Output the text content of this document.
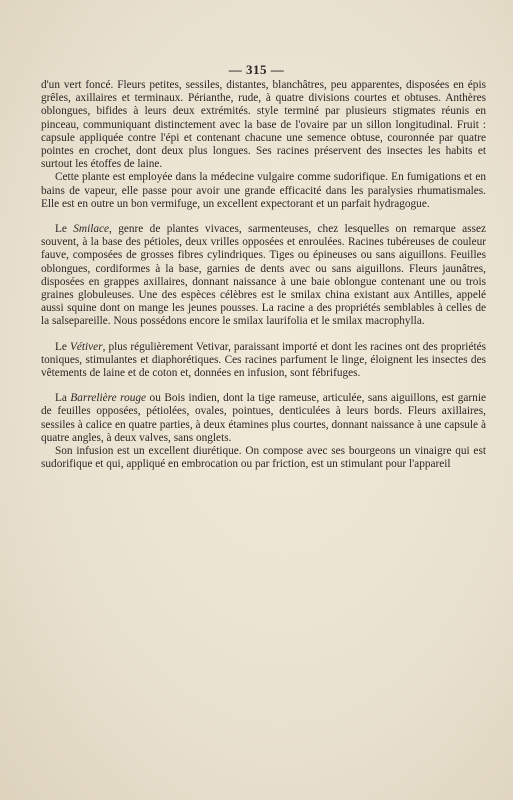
— 315 —

d'un vert foncé. Fleurs petites, sessiles, distantes, blanchâtres, peu apparentes, disposées en épis grêles, axillaires et terminaux. Périanthe, rude, à quatre divisions courtes et obtuses. Anthères oblongues, bifides à leurs deux extrémités. style terminé par plusieurs stigmates réunis en pinceau, communiquant distinctement avec la base de l'ovaire par un sillon longitudinal. Fruit : capsule appliquée contre l'épi et contenant chacune une semence obtuse, couronnée par quatre pointes en crochet, dont deux plus longues. Ses racines préservent des insectes les habits et surtout les étoffes de laine.

Cette plante est employée dans la médecine vulgaire comme sudorifique. En fumigations et en bains de vapeur, elle passe pour avoir une grande efficacité dans les paralysies rhumatismales. Elle est en outre un bon vermifuge, un excellent expectorant et un parfait hydragogue.

Le Smilace, genre de plantes vivaces, sarmenteuses, chez lesquelles on remarque assez souvent, à la base des pétioles, deux vrilles opposées et enroulées. Racines tubéreuses de couleur fauve, composées de grosses fibres cylindriques. Tiges ou épineuses ou sans aiguillons. Feuilles oblongues, cordiformes à la base, garnies de dents avec ou sans aiguillons. Fleurs jaunâtres, disposées en grappes axillaires, donnant naissance à une baie oblongue contenant une ou trois graines globuleuses. Une des espèces célèbres est le smilax china existant aux Antilles, appelé aussi squine dont on mange les jeunes pousses. La racine a des propriétés semblables à celles de la salsepareille. Nous possédons encore le smilax laurifolia et le smilax macrophylla.

Le Vétiver, plus régulièrement Vetivar, paraissant importé et dont les racines ont des propriétés toniques, stimulantes et diaphorétiques. Ces racines parfument le linge, éloignent les insectes des vêtements de laine et de coton et, données en infusion, sont fébrifuges.

La Barrelière rouge ou Bois indien, dont la tige rameuse, articulée, sans aiguillons, est garnie de feuilles opposées, pétiolées, ovales, pointues, denticulées à leurs bords. Fleurs axillaires, sessiles à calice en quatre parties, à deux étamines plus courtes, donnant naissance à une capsule à quatre angles, à deux valves, sans onglets.

Son infusion est un excellent diurétique. On compose avec ses bourgeons un vinaigre qui est sudorifique et qui, appliqué en embrocation ou par friction, est un stimulant pour l'appareil
